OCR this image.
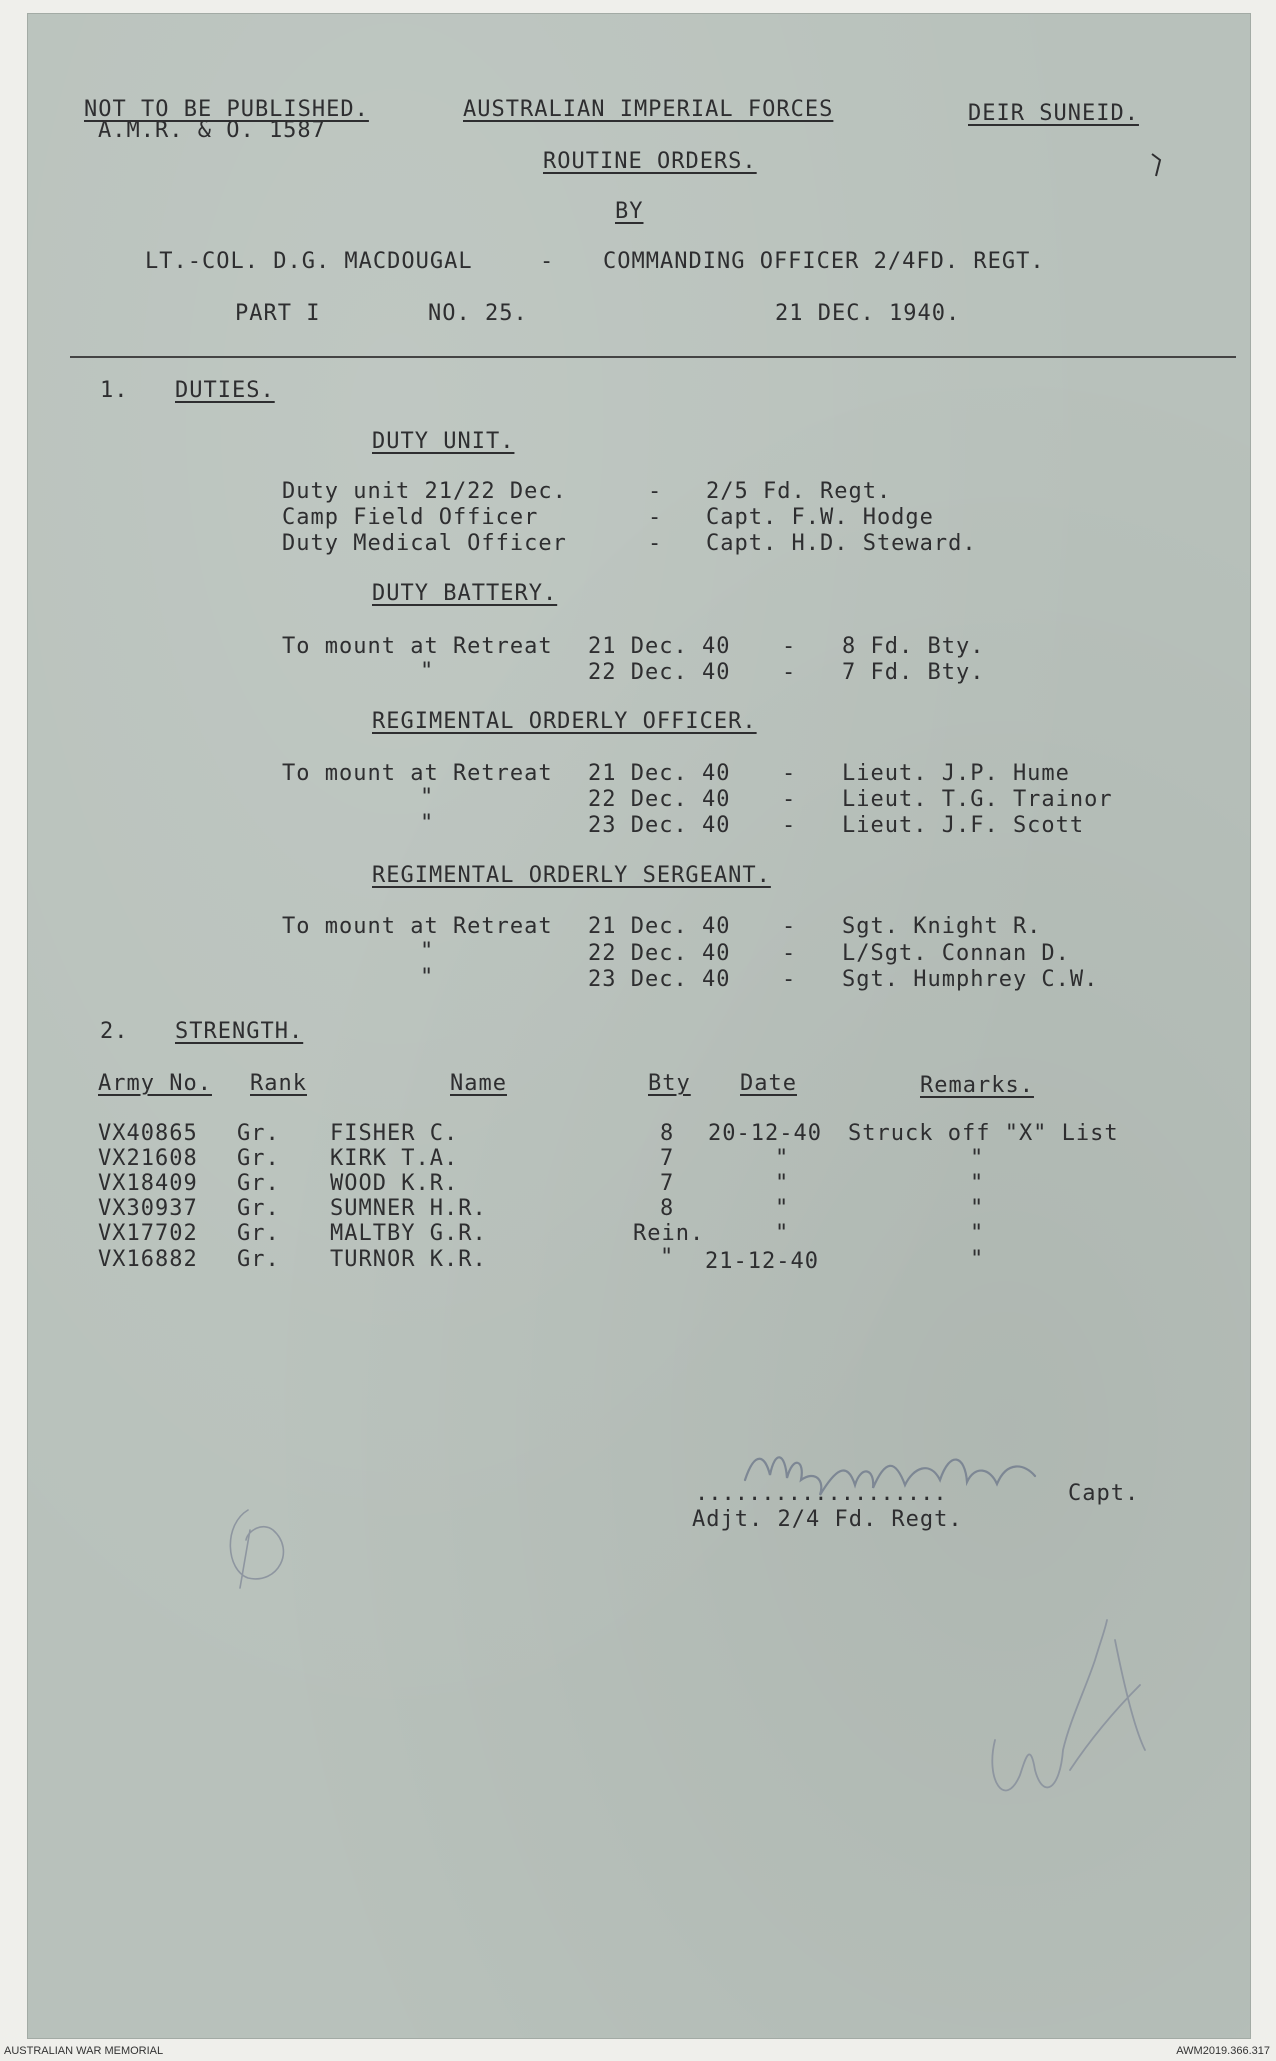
NOT TO BE PUBLISHED.
A.M.R. & O. 1587
AUSTRALIAN IMPERIAL FORCES	DEIR SUNEID.
ROUTINE ORDERS.
BY
LT.-COL. D.G. MACDOUGAL	- COMMANDING OFFICER 2/4FD. REGT.
PART I	NO. 25.	21 DEC. 1940.
1. DUTIES.
DUTY UNIT.
Duty unit 21/22 Dec.	- 2/5 Fd. Regt.
Camp Field Officer	- Capt. F.W. Hodge
Duty Medical Officer	- Capt. H.D. Steward.
DUTY BATTERY.
To mount at Retreat 21 Dec. 40 - 8 Fd. Bty.
"	22 Dec. 40 - 7 Fd. Bty.
REGIMENTAL ORDERLY OFFICER.
To mount at Retreat 21 Dec. 40 - Lieut. J.P. Hume
"	22 Dec. 40 - Lieut. T.G. Trainor
"	23 Dec. 40 - Lieut. J.F. Scott
REGIMENTAL ORDERLY SERGEANT.
To mount at Retreat 21 Dec. 40 - Sgt. Knight R.
"	22 Dec. 40 - L/Sgt. Connan D.
"	23 Dec. 40 - Sgt. Humphrey C.W.
2. STRENGTH.
Army No. Rank	Name	Bty Date	Remarks.
VX40865 Gr. FISHER C.	8 20-12-40 Struck off "X" List
VX21608 Gr. KIRK T.A.	7	"	"
VX18409 Gr. WOOD K.R.	7	"	"
VX30937 Gr. SUMNER H.R.	8	"	"
VX17702 Gr. MALTBY G.R.	Rein.	"	"
VX16882 Gr. TURNOR K.R.	" 21-12-40	"
...................	Capt.
Adjt. 2/4 Fd. Regt.
AUSTRALIAN WAR MEMORIAL	AWM2019.366.317
